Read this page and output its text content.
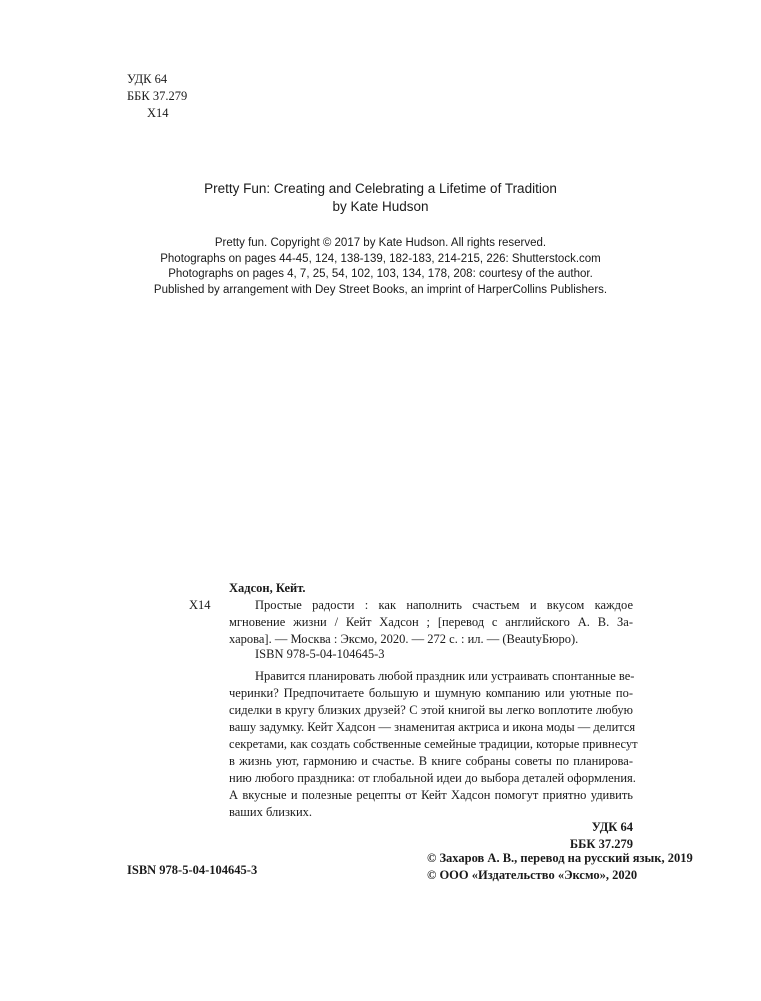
УДК 64
ББК 37.279
Х14
Pretty Fun: Creating and Celebrating a Lifetime of Tradition
by Kate Hudson
Pretty fun. Copyright © 2017 by Kate Hudson. All rights reserved.
Photographs on pages 44-45, 124, 138-139, 182-183, 214-215, 226: Shutterstock.com
Photographs on pages 4, 7, 25, 54, 102, 103, 134, 178, 208: courtesy of the author.
Published by arrangement with Dey Street Books, an imprint of HarperCollins Publishers.
Хадсон, Кейт.
Х14	Простые радости : как наполнить счастьем и вкусом каждое
мгновение жизни / Кейт Хадсон ; [перевод с английского А. В. За-
харова]. — Москва : Эксмо, 2020. — 272 с. : ил. — (BeautyБюро).
ISBN 978-5-04-104645-3
Нравится планировать любой праздник или устраивать спонтанные ве-
черинки? Предпочитаете большую и шумную компанию или уютные по-
сиделки в кругу близких друзей? С этой книгой вы легко воплотите любую
вашу задумку. Кейт Хадсон — знаменитая актриса и икона моды — делится
секретами, как создать собственные семейные традиции, которые привнесут
в жизнь уют, гармонию и счастье. В книге собраны советы по планирова-
нию любого праздника: от глобальной идеи до выбора деталей оформления.
А вкусные и полезные рецепты от Кейт Хадсон помогут приятно удивить
ваших близких.
УДК 64
ББК 37.279
ISBN 978-5-04-104645-3
© Захаров А. В., перевод на русский язык, 2019
© ООО «Издательство «Эксмо», 2020
